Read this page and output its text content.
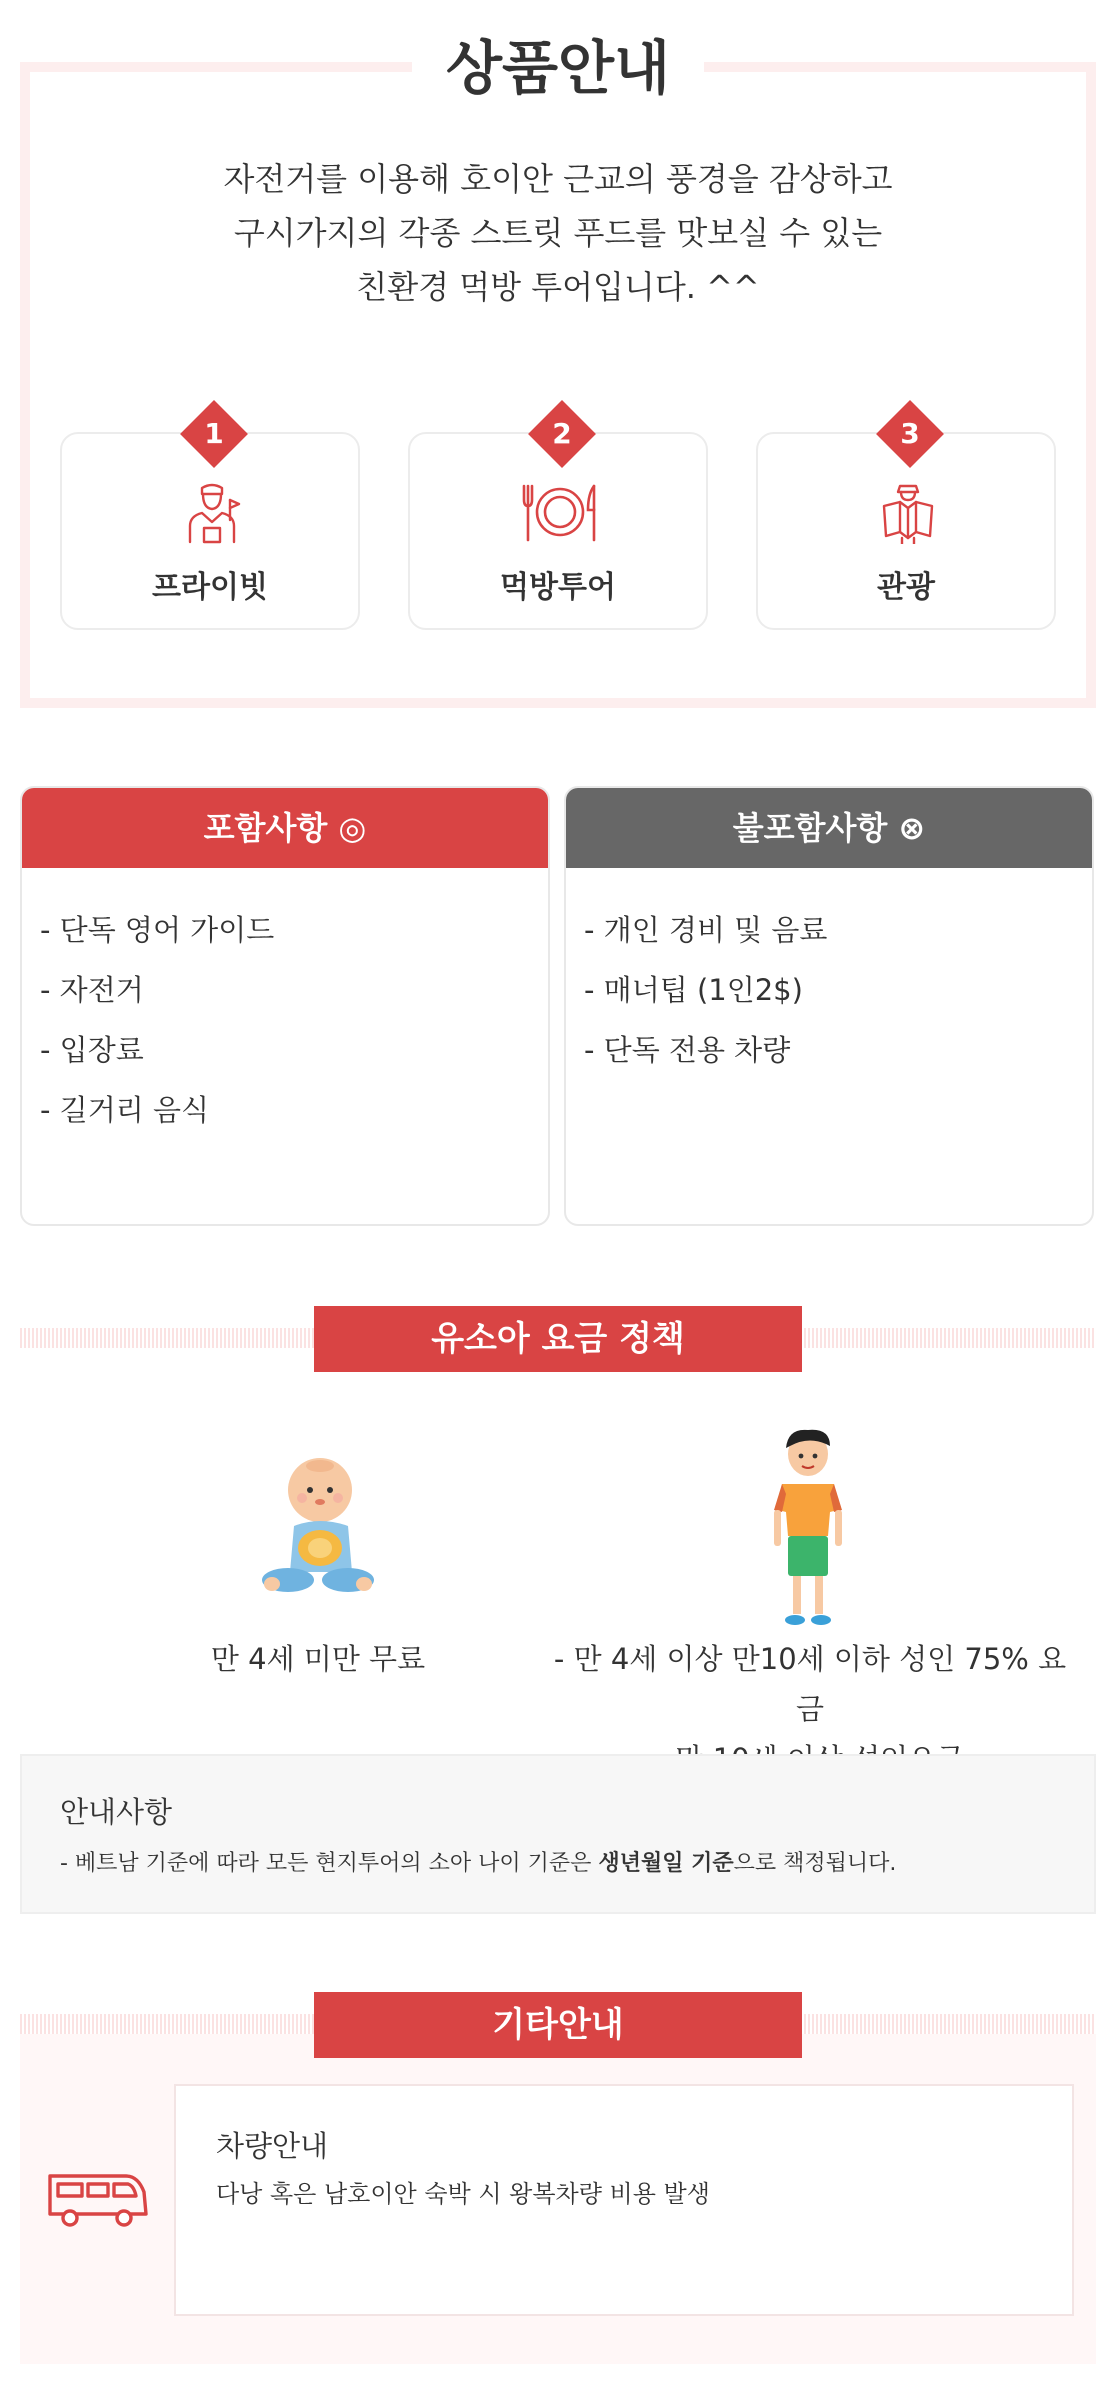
상품안내
자전거를 이용해 호이안 근교의 풍경을 감상하고
구시가지의 각종 스트릿 푸드를 맛보실 수 있는
친환경 먹방 투어입니다. ^^
1
프라이빗
2
먹방투어
3
관광
포함사항 ◎
- 단독 영어 가이드
- 자전거
- 입장료
- 길거리 음식
불포함사항 ⊗
- 개인 경비 및 음료
- 매너팁 (1인2$)
- 단독 전용 차량
유소아 요금 정책
만 4세 미만 무료	- 만 4세 이상 만10세 이하 성인 75% 요금
안내사항
- 베트남 기준에 따라 모든 현지투어의 소아 나이 기준은 생년월일 기준으로 책정됩니다.
기타안내
차량안내
다낭 혹은 남호이안 숙박 시 왕복차량 비용 발생
